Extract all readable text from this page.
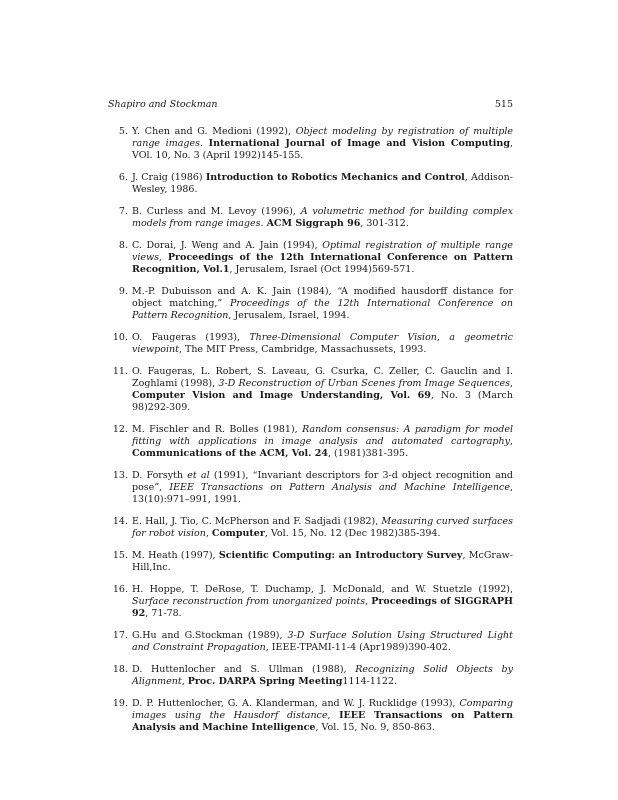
Shapiro and Stockman	515
5 . Y. Chen and G. Medioni (1992), Object modeling by registration of multiple range images. International Journal of Image and Vision Computing, VOl. 10, No. 3 (April 1992)145-155.
6 . J. Craig (1986) Introduction to Robotics Mechanics and Control, Addison-Wesley, 1986.
7 . B. Curless and M. Levoy (1996), A volumetric method for building complex models from range images. ACM Siggraph 96, 301-312.
8 . C. Dorai, J. Weng and A. Jain (1994), Optimal registration of multiple range views, Proceedings of the 12th International Conference on Pattern Recognition, Vol.1, Jerusalem, Israel (Oct 1994)569-571.
9 . M.-P. Dubuisson and A. K. Jain (1984), “A modified hausdorff distance for object matching,” Proceedings of the 12th International Conference on Pattern Recognition, Jerusalem, Israel, 1994.
10 . O. Faugeras (1993), Three-Dimensional Computer Vision, a geometric viewpoint, The MIT Press, Cambridge, Massachussets, 1993.
11 . O. Faugeras, L. Robert, S. Laveau, G. Csurka, C. Zeller, C. Gauclin and I. Zoghlami (1998), 3-D Reconstruction of Urban Scenes from Image Sequences, Computer Vision and Image Understanding, Vol. 69, No. 3 (March 98)292-309.
12 . M. Fischler and R. Bolles (1981), Random consensus: A paradigm for model fitting with applications in image analysis and automated cartography, Communications of the ACM, Vol. 24, (1981)381-395.
13 . D. Forsyth et al (1991), “Invariant descriptors for 3-d object recognition and pose”, IEEE Transactions on Pattern Analysis and Machine Intelligence, 13(10):971–991, 1991.
14 . E. Hall, J. Tio, C. McPherson and F. Sadjadi (1982), Measuring curved surfaces for robot vision, Computer, Vol. 15, No. 12 (Dec 1982)385-394.
15 . M. Heath (1997), Scientific Computing: an Introductory Survey, McGraw-Hill,Inc.
16 . H. Hoppe, T. DeRose, T. Duchamp, J. McDonald, and W. Stuetzle (1992), Surface reconstruction from unorganized points, Proceedings of SIGGRAPH 92, 71-78.
17 . G.Hu and G.Stockman (1989), 3-D Surface Solution Using Structured Light and Constraint Propagation, IEEE-TPAMI-11-4 (Apr1989)390-402.
18 . D. Huttenlocher and S. Ullman (1988), Recognizing Solid Objects by Alignment, Proc. DARPA Spring Meeting1114-1122.
19 . D. P. Huttenlocher, G. A. Klanderman, and W. J. Rucklidge (1993), Comparing images using the Hausdorf distance, IEEE Transactions on Pattern Analysis and Machine Intelligence, Vol. 15, No. 9, 850-863.
